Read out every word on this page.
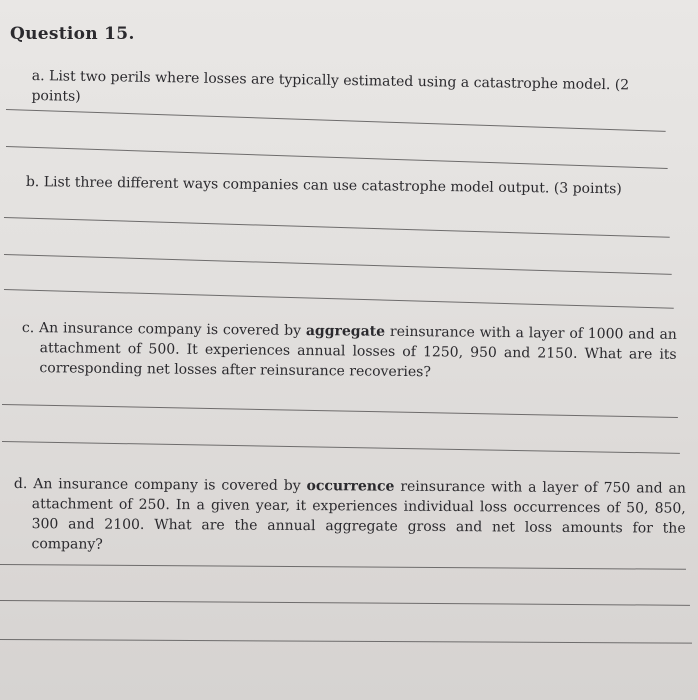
Question 15.
a. List two perils where losses are typically estimated using a catastrophe model. (2 points)
b. List three different ways companies can use catastrophe model output. (3 points)
c. An insurance company is covered by aggregate reinsurance with a layer of 1000 and an attachment of 500. It experiences annual losses of 1250, 950 and 2150. What are its corresponding net losses after reinsurance recoveries?
d. An insurance company is covered by occurrence reinsurance with a layer of 750 and an attachment of 250. In a given year, it experiences individual loss occurrences of 50, 850, 300 and 2100. What are the annual aggregate gross and net loss amounts for the company?
